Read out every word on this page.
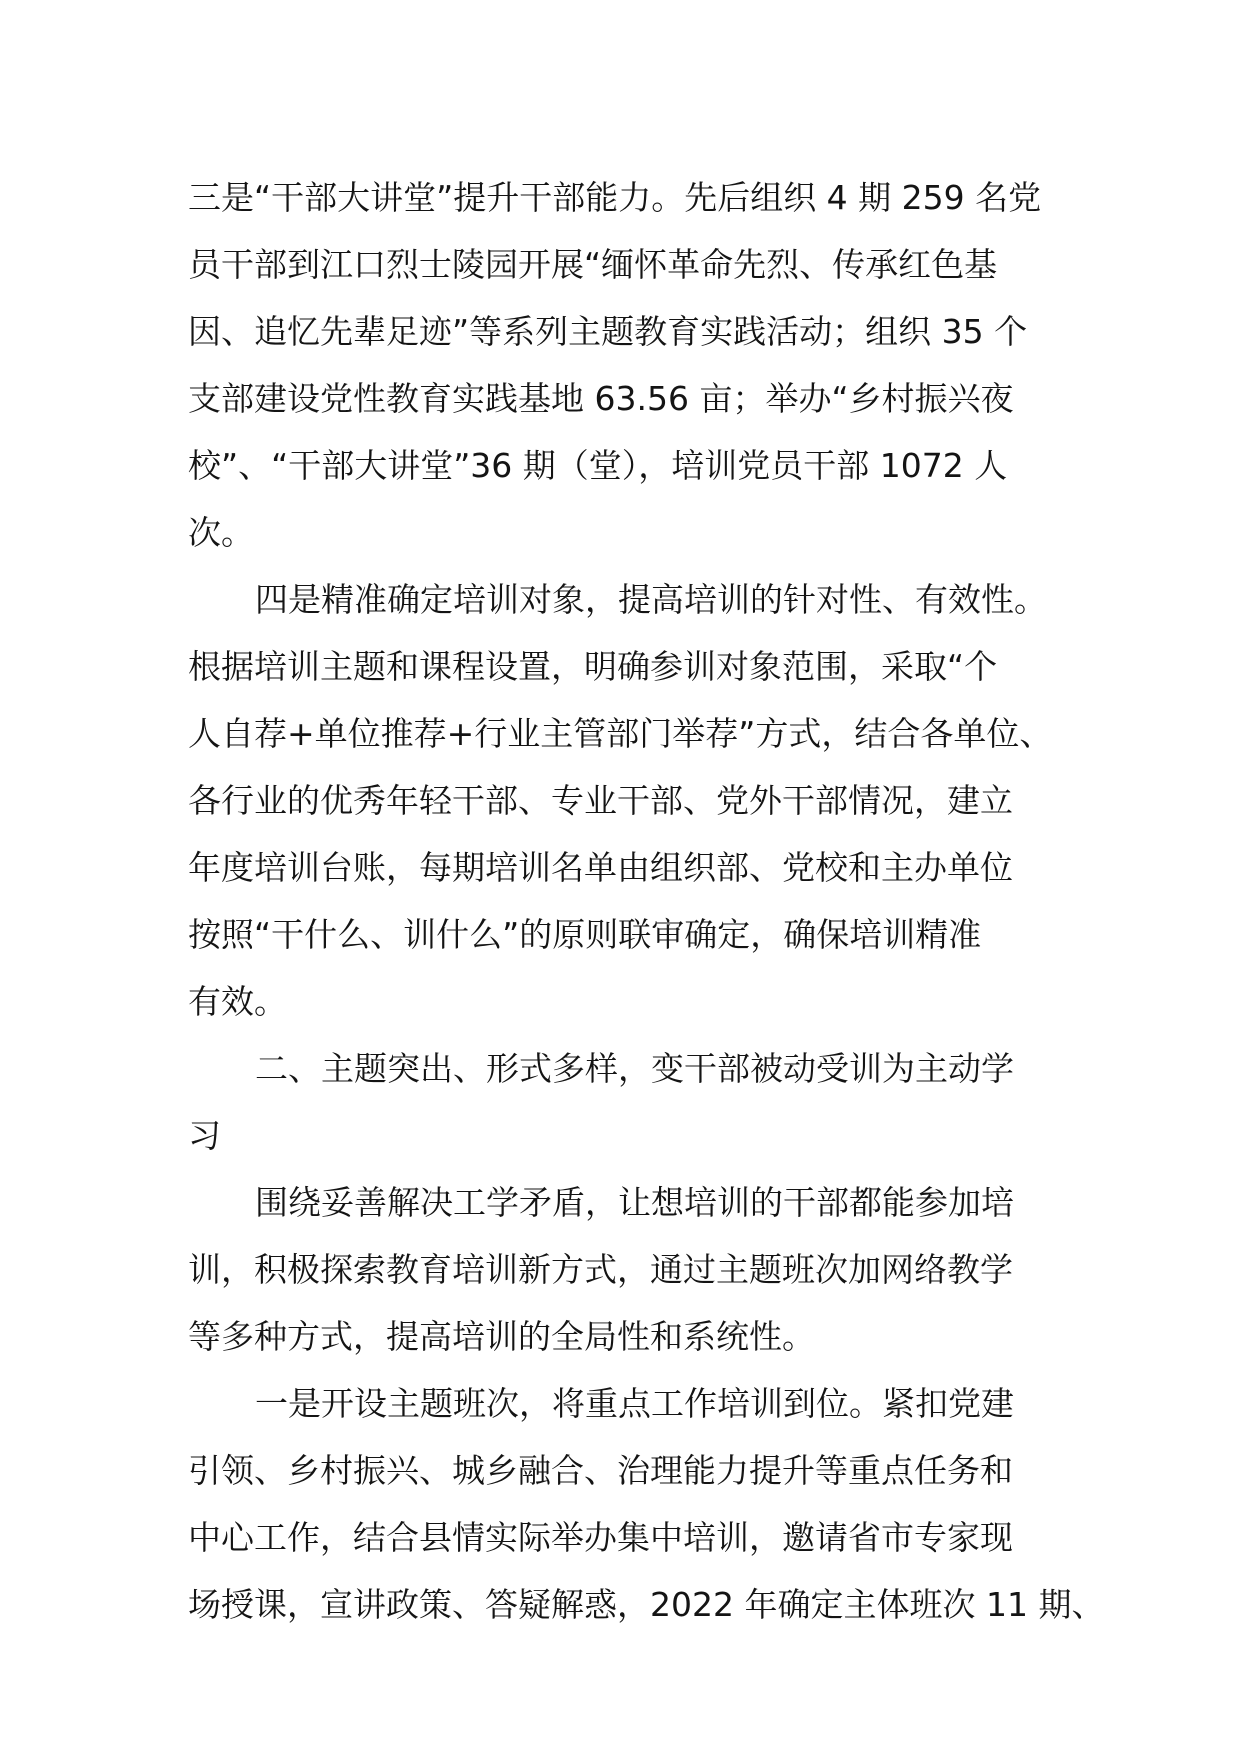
三是“干部大讲堂”提升干部能力。先后组织 4 期 259 名党
员干部到江口烈士陵园开展“缅怀革命先烈、传承红色基
因、追忆先辈足迹”等系列主题教育实践活动；组织 35 个
支部建设党性教育实践基地 63.56 亩；举办“乡村振兴夜
校”、“干部大讲堂”36 期（堂），培训党员干部 1072 人
次。
四是精准确定培训对象，提高培训的针对性、有效性。
根据培训主题和课程设置，明确参训对象范围，采取“个
人自荐+单位推荐+行业主管部门举荐”方式，结合各单位、
各行业的优秀年轻干部、专业干部、党外干部情况，建立
年度培训台账，每期培训名单由组织部、党校和主办单位
按照“干什么、训什么”的原则联审确定，确保培训精准
有效。
二、主题突出、形式多样，变干部被动受训为主动学
习
围绕妥善解决工学矛盾，让想培训的干部都能参加培
训，积极探索教育培训新方式，通过主题班次加网络教学
等多种方式，提高培训的全局性和系统性。
一是开设主题班次，将重点工作培训到位。紧扣党建
引领、乡村振兴、城乡融合、治理能力提升等重点任务和
中心工作，结合县情实际举办集中培训，邀请省市专家现
场授课，宣讲政策、答疑解惑，2022 年确定主体班次 11 期、
